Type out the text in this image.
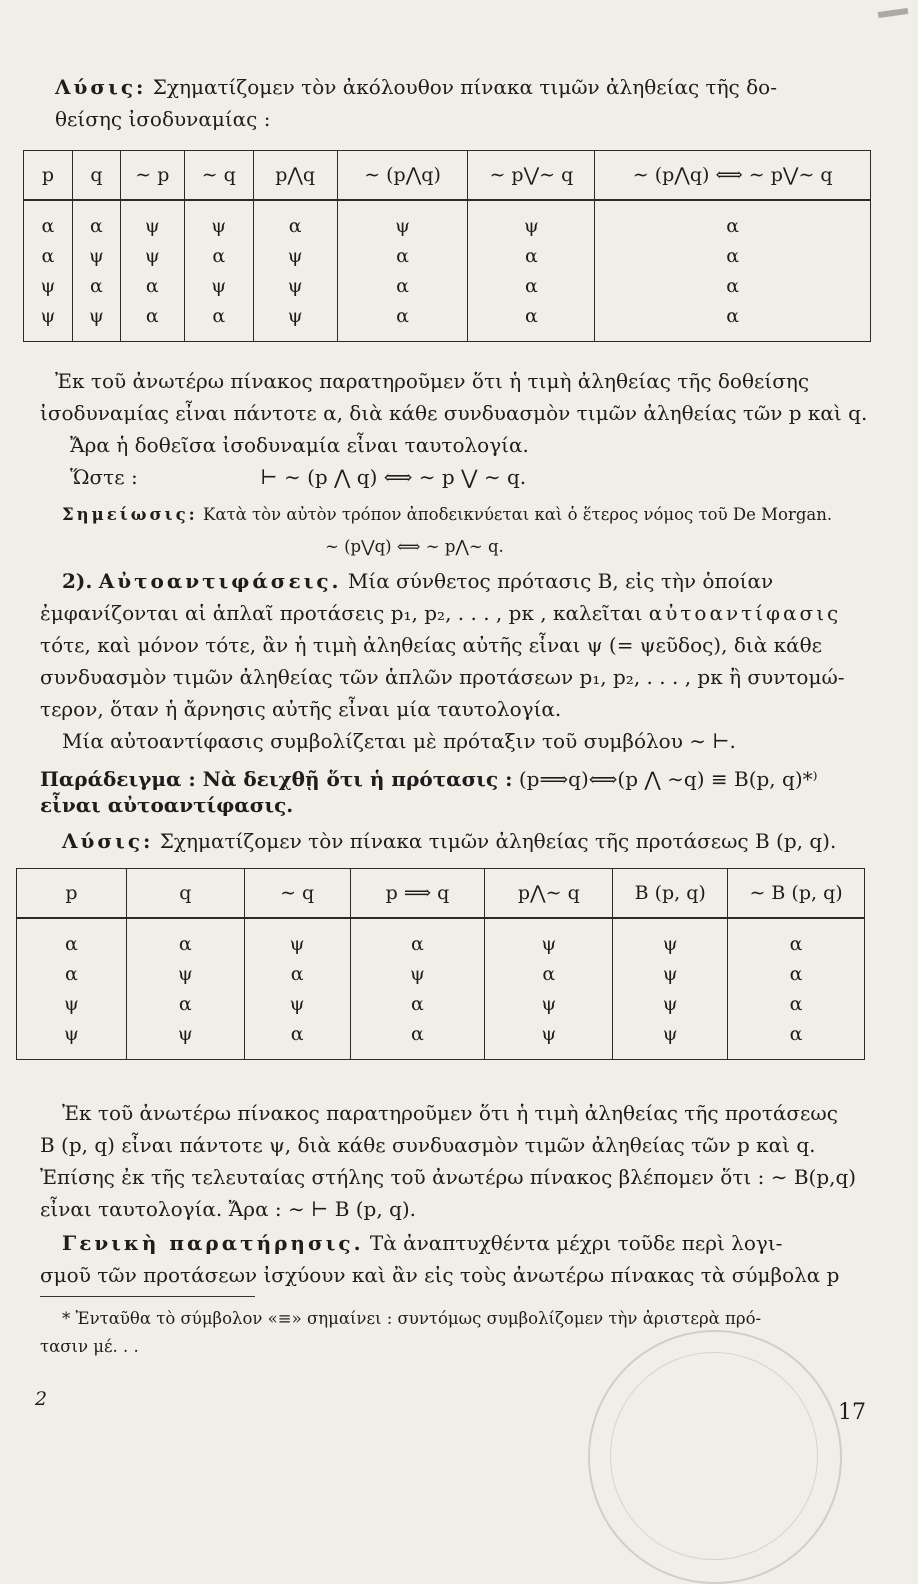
Λύσις: Σχηματίζομεν τὸν ἀκόλουθον πίνακα τιμῶν ἀληθείας τῆς δο-

θείσης ἰσοδυναμίας :

p	q	∼ p	∼ q	p⋀q	∼ (p⋀q)	∼ p⋁∼ q	∼ (p⋀q) ⟺ ∼ p⋁∼ q
α	α	ψ	ψ	α	ψ	ψ	α
α	ψ	ψ	α	ψ	α	α	α
ψ	α	α	ψ	ψ	α	α	α
ψ	ψ	α	α	ψ	α	α	α

Ἐκ τοῦ ἀνωτέρω πίνακος παρατηροῦμεν ὅτι ἡ τιμὴ ἀληθείας τῆς δοθείσης

ἰσοδυναμίας εἶναι πάντοτε α, διὰ κάθε συνδυασμὸν τιμῶν ἀληθείας τῶν p καὶ q.

Ἄρα ἡ δοθεῖσα ἰσοδυναμία εἶναι ταυτολογία.

Ὥστε :	⊢ ∼ (p ⋀ q) ⟺ ∼ p ⋁ ∼ q.

Σημείωσις: Κατὰ τὸν αὐτὸν τρόπον ἀποδεικνύεται καὶ ὁ ἕτερος νόμος τοῦ De Morgan.

∼ (p⋁q) ⟺ ∼ p⋀∼ q.

2). Αὐτοαντιφάσεις. Μία σύνθετος πρότασις Β, εἰς τὴν ὁποίαν

ἐμφανίζονται αἱ ἁπλαῖ προτάσεις p₁, p₂, . . . , pκ , καλεῖται αὐτοαντίφασις

τότε, καὶ μόνον τότε, ἂν ἡ τιμὴ ἀληθείας αὐτῆς εἶναι ψ (= ψεῦδος), διὰ κάθε

συνδυασμὸν τιμῶν ἀληθείας τῶν ἁπλῶν προτάσεων p₁, p₂, . . . , pκ ἢ συντομώ-

τερον, ὅταν ἡ ἄρνησις αὐτῆς εἶναι μία ταυτολογία.

Μία αὐτοαντίφασις συμβολίζεται μὲ πρόταξιν τοῦ συμβόλου ∼ ⊢.

Παράδειγμα : Νὰ δειχθῇ ὅτι ἡ πρότασις : (p⟹q)⟺(p ⋀ ∼q) ≡ Β(p, q)*⁾

εἶναι αὐτοαντίφασις.

Λύσις: Σχηματίζομεν τὸν πίνακα τιμῶν ἀληθείας τῆς προτάσεως Β (p, q).

p	q	∼ q	p ⟹ q	p⋀∼ q	Β (p, q)	∼ Β (p, q)
α	α	ψ	α	ψ	ψ	α
α	ψ	α	ψ	α	ψ	α
ψ	α	ψ	α	ψ	ψ	α
ψ	ψ	α	α	ψ	ψ	α

Ἐκ τοῦ ἀνωτέρω πίνακος παρατηροῦμεν ὅτι ἡ τιμὴ ἀληθείας τῆς προτάσεως

Β (p, q) εἶναι πάντοτε ψ, διὰ κάθε συνδυασμὸν τιμῶν ἀληθείας τῶν p καὶ q.

Ἐπίσης ἐκ τῆς τελευταίας στήλης τοῦ ἀνωτέρω πίνακος βλέπομεν ὅτι : ∼ Β(p,q)

εἶναι ταυτολογία. Ἄρα : ∼ ⊢ Β (p, q).

Γενικὴ παρατήρησις. Τὰ ἀναπτυχθέντα μέχρι τοῦδε περὶ λογι-

σμοῦ τῶν προτάσεων ἰσχύουν καὶ ἂν εἰς τοὺς ἀνωτέρω πίνακας τὰ σύμβολα p

* Ἐνταῦθα τὸ σύμβολον «≡» σημαίνει : συντόμως συμβολίζομεν τὴν ἀριστερὰ πρό-

τασιν μέ. . .

2

17
